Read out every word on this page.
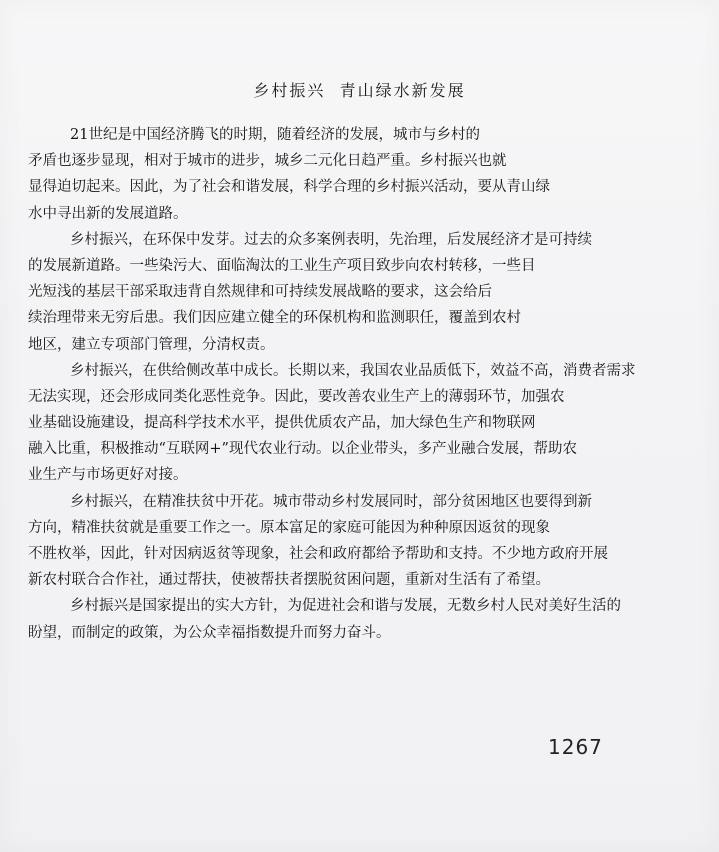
乡村振兴  青山绿水新发展
21世纪是中国经济腾飞的时期，随着经济的发展，城市与乡村的
矛盾也逐步显现，相对于城市的进步，城乡二元化日趋严重。乡村振兴也就
显得迫切起来。因此，为了社会和谐发展，科学合理的乡村振兴活动，要从青山绿
水中寻出新的发展道路。
乡村振兴，在环保中发芽。过去的众多案例表明，先治理，后发展经济才是可持续
的发展新道路。一些染污大、面临淘汰的工业生产项目致步向农村转移，一些目
光短浅的基层干部采取违背自然规律和可持续发展战略的要求，这会给后
续治理带来无穷后患。我们因应建立健全的环保机构和监测职任，覆盖到农村
地区，建立专项部门管理，分清权责。
乡村振兴，在供给侧改革中成长。长期以来，我国农业品质低下，效益不高，消费者需求
无法实现，还会形成同类化恶性竞争。因此，要改善农业生产上的薄弱环节，加强农
业基础设施建设，提高科学技术水平，提供优质农产品，加大绿色生产和物联网
融入比重，积极推动“互联网+”现代农业行动。以企业带头，多产业融合发展，帮助农
业生产与市场更好对接。
乡村振兴，在精准扶贫中开花。城市带动乡村发展同时，部分贫困地区也要得到新
方向，精准扶贫就是重要工作之一。原本富足的家庭可能因为种种原因返贫的现象
不胜枚举，因此，针对因病返贫等现象，社会和政府都给予帮助和支持。不少地方政府开展
新农村联合合作社，通过帮扶，使被帮扶者摆脱贫困问题，重新对生活有了希望。
乡村振兴是国家提出的实大方针，为促进社会和谐与发展，无数乡村人民对美好生活的
盼望，而制定的政策，为公众幸福指数提升而努力奋斗。
1267
